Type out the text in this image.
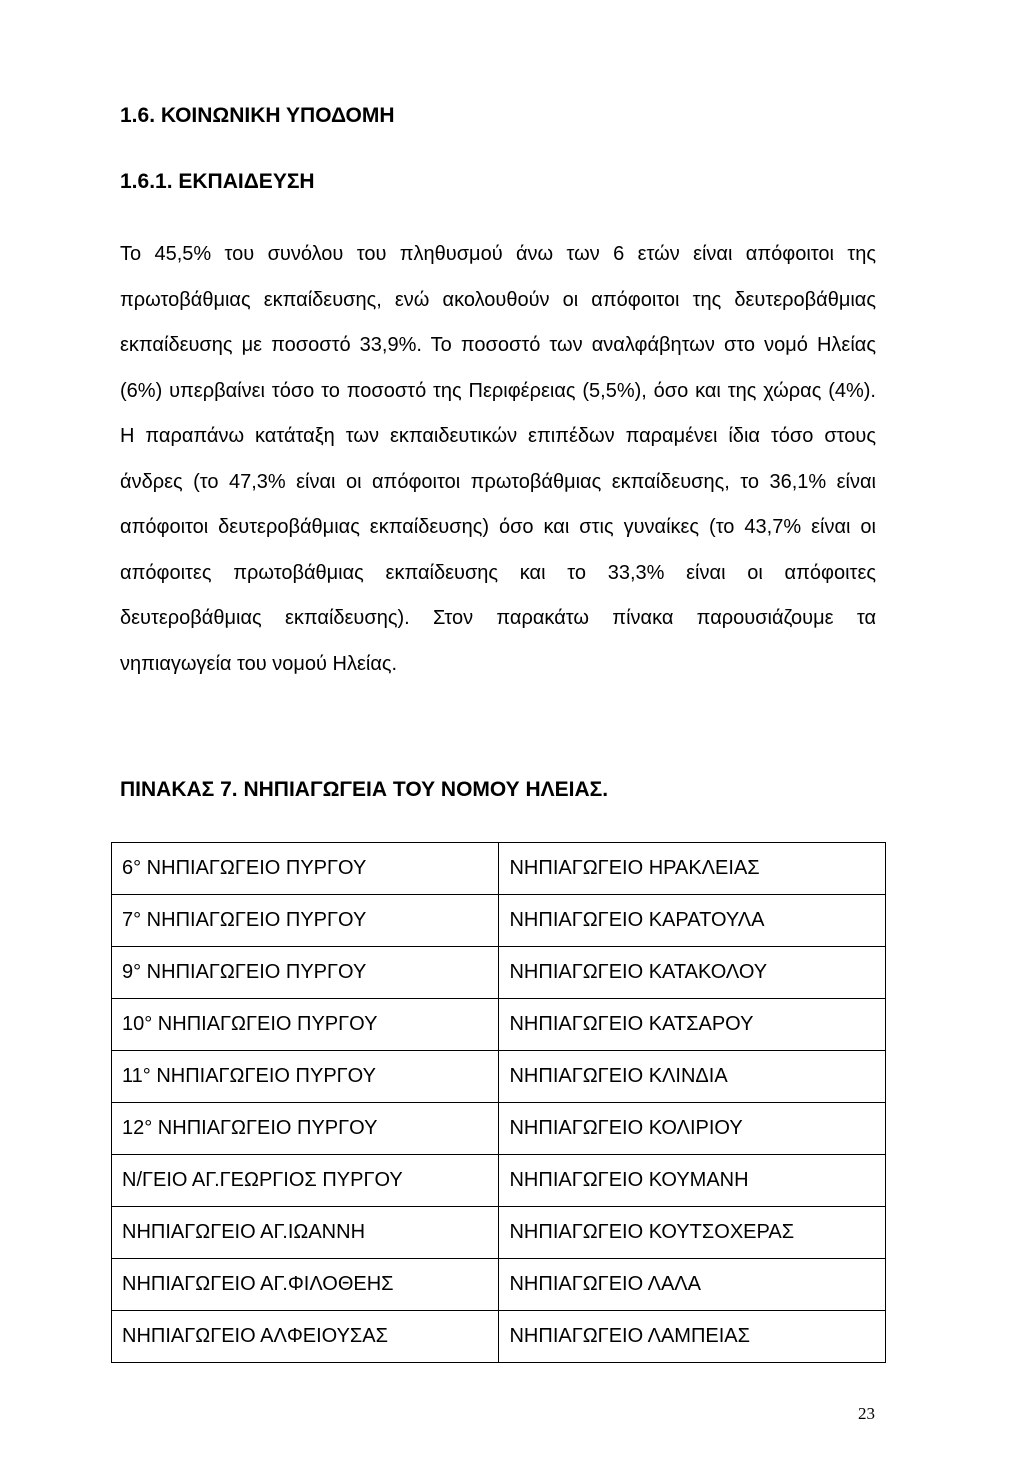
1.6. ΚΟΙΝΩΝΙΚΗ ΥΠΟΔΟΜΗ
1.6.1. ΕΚΠΑΙΔΕΥΣΗ

Το 45,5% του συνόλου του πληθυσμού άνω των 6 ετών είναι απόφοιτοι της πρωτοβάθμιας εκπαίδευσης, ενώ ακολουθούν οι απόφοιτοι της δευτεροβάθμιας εκπαίδευσης με ποσοστό 33,9%. Το ποσοστό των αναλφάβητων στο νομό Ηλείας (6%) υπερβαίνει τόσο το ποσοστό της Περιφέρειας (5,5%), όσο και της χώρας (4%). Η παραπάνω κατάταξη των εκπαιδευτικών επιπέδων παραμένει ίδια τόσο στους άνδρες (το 47,3% είναι οι απόφοιτοι πρωτοβάθμιας εκπαίδευσης, το 36,1% είναι απόφοιτοι δευτεροβάθμιας εκπαίδευσης) όσο και στις γυναίκες (το 43,7% είναι οι απόφοιτες πρωτοβάθμιας εκπαίδευσης και το 33,3% είναι οι απόφοιτες δευτεροβάθμιας εκπαίδευσης). Στον παρακάτω πίνακα παρουσιάζουμε τα νηπιαγωγεία του νομού Ηλείας.

ΠΙΝΑΚΑΣ 7. ΝΗΠΙΑΓΩΓΕΙΑ ΤΟΥ ΝΟΜΟΥ ΗΛΕΙΑΣ.
6° ΝΗΠΙΑΓΩΓΕΙΟ ΠΥΡΓΟΥ	ΝΗΠΙΑΓΩΓΕΙΟ ΗΡΑΚΛΕΙΑΣ
7° ΝΗΠΙΑΓΩΓΕΙΟ ΠΥΡΓΟΥ	ΝΗΠΙΑΓΩΓΕΙΟ ΚΑΡΑΤΟΥΛΑ
9° ΝΗΠΙΑΓΩΓΕΙΟ ΠΥΡΓΟΥ	ΝΗΠΙΑΓΩΓΕΙΟ ΚΑΤΑΚΟΛΟΥ
10° ΝΗΠΙΑΓΩΓΕΙΟ ΠΥΡΓΟΥ	ΝΗΠΙΑΓΩΓΕΙΟ ΚΑΤΣΑΡΟΥ
11° ΝΗΠΙΑΓΩΓΕΙΟ ΠΥΡΓΟΥ	ΝΗΠΙΑΓΩΓΕΙΟ ΚΛΙΝΔΙΑ
12° ΝΗΠΙΑΓΩΓΕΙΟ ΠΥΡΓΟΥ	ΝΗΠΙΑΓΩΓΕΙΟ ΚΟΛΙΡΙΟΥ
Ν/ΓΕΙΟ ΑΓ.ΓΕΩΡΓΙΟΣ ΠΥΡΓΟΥ	ΝΗΠΙΑΓΩΓΕΙΟ ΚΟΥΜΑΝΗ
ΝΗΠΙΑΓΩΓΕΙΟ ΑΓ.ΙΩΑΝΝΗ	ΝΗΠΙΑΓΩΓΕΙΟ ΚΟΥΤΣΟΧΕΡΑΣ
ΝΗΠΙΑΓΩΓΕΙΟ ΑΓ.ΦΙΛΟΘΕΗΣ	ΝΗΠΙΑΓΩΓΕΙΟ ΛΑΛΑ
ΝΗΠΙΑΓΩΓΕΙΟ ΑΛΦΕΙΟΥΣΑΣ	ΝΗΠΙΑΓΩΓΕΙΟ ΛΑΜΠΕΙΑΣ
23
